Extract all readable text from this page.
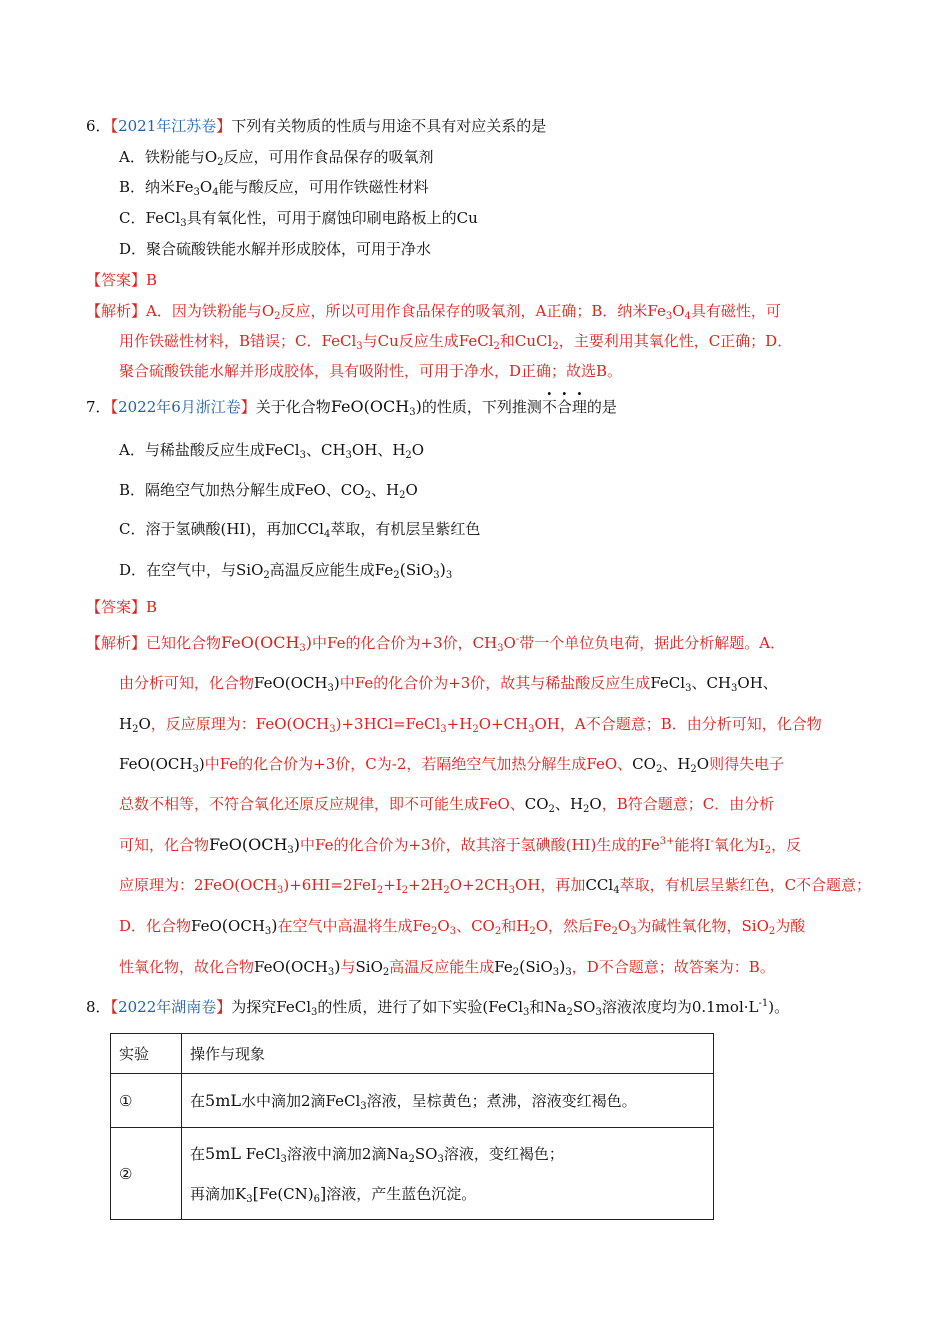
6．【2021年江苏卷】下列有关物质的性质与用途不具有对应关系的是
A．铁粉能与$O_2$反应，可用作食品保存的吸氧剂
B．纳米$Fe_3O_4$能与酸反应，可用作铁磁性材料
C．FeCl$_3$具有氧化性，可用于腐蚀印刷电路板上的Cu
D．聚合硫酸铁能水解并形成胶体，可用于净水
【答案】B
【解析】A．因为铁粉能与$O_2$反应，所以可用作食品保存的吸氧剂，A正确；B．纳米$Fe_3O_4$具有磁性，可
用作铁磁性材料，B错误；C．FeCl$_3$与Cu反应生成FeCl$_2$和CuCl$_2$，主要利用其氧化性，C正确；D．
聚合硫酸铁能水解并形成胶体，具有吸附性，可用于净水，D正确；故选B。
7．【2022年6月浙江卷】关于化合物$FeO(OCH_3)$的性质，下列推测不合理的是
A．与稀盐酸反应生成FeCl$_3$、$CH_3OH$、$H_2O$
B．隔绝空气加热分解生成FeO、$CO_2$、$H_2O$
C．溶于氢碘酸(HI)，再加CCl$_4$萃取，有机层呈紫红色
D．在空气中，与SiO$_2$高温反应能生成$Fe_2(SiO_3)_3$
【答案】B
【解析】已知化合物$FeO(OCH_3)$中Fe的化合价为+3价，$CH_3O^-$带一个单位负电荷，据此分析解题。A．
由分析可知，化合物$FeO(OCH_3)$中Fe的化合价为+3价，故其与稀盐酸反应生成FeCl$_3$、$CH_3OH$、
$H_2O$，反应原理为：$FeO(OCH_3)+3HCl=FeCl_3+H_2O+CH_3OH$，A不合题意；B．由分析可知，化合物
$FeO(OCH_3)$中Fe的化合价为+3价，C为-2，若隔绝空气加热分解生成FeO、$CO_2$、$H_2O$则得失电子
总数不相等，不符合氧化还原反应规律，即不可能生成FeO、$CO_2$、$H_2O$，B符合题意；C．由分析
可知，化合物$FeO(OCH_3)$中Fe的化合价为+3价，故其溶于氢碘酸(HI)生成的$Fe^{3+}$能将I-氧化为$I_2$，反
应原理为：$2FeO(OCH_3)+6HI=2FeI_2+I_2+2H_2O+2CH_3OH$，再加CCl$_4$萃取，有机层呈紫红色，C不合题意；
D．化合物$FeO(OCH_3)$在空气中高温将生成$Fe_2O_3$、$CO_2$和$H_2O$，然后$Fe_2O_3$为碱性氧化物，SiO$_2$为酸
性氧化物，故化合物$FeO(OCH_3)$与SiO$_2$高温反应能生成$Fe_2(SiO_3)_3$，D不合题意；故答案为：B。
8．【2022年湖南卷】为探究FeCl$_3$的性质，进行了如下实验(FeCl$_3$和$Na_2SO_3$溶液浓度均为$0.1mol\cdot L^{-1}$)。
实验	操作与现象
①	在5mL水中滴加2滴FeCl$_3$溶液，呈棕黄色；煮沸，溶液变红褐色。
②	在5mL FeCl$_3$溶液中滴加2滴$Na_2SO_3$溶液，变红褐色；
再滴加$K_3[Fe(CN)_6]$溶液，产生蓝色沉淀。
